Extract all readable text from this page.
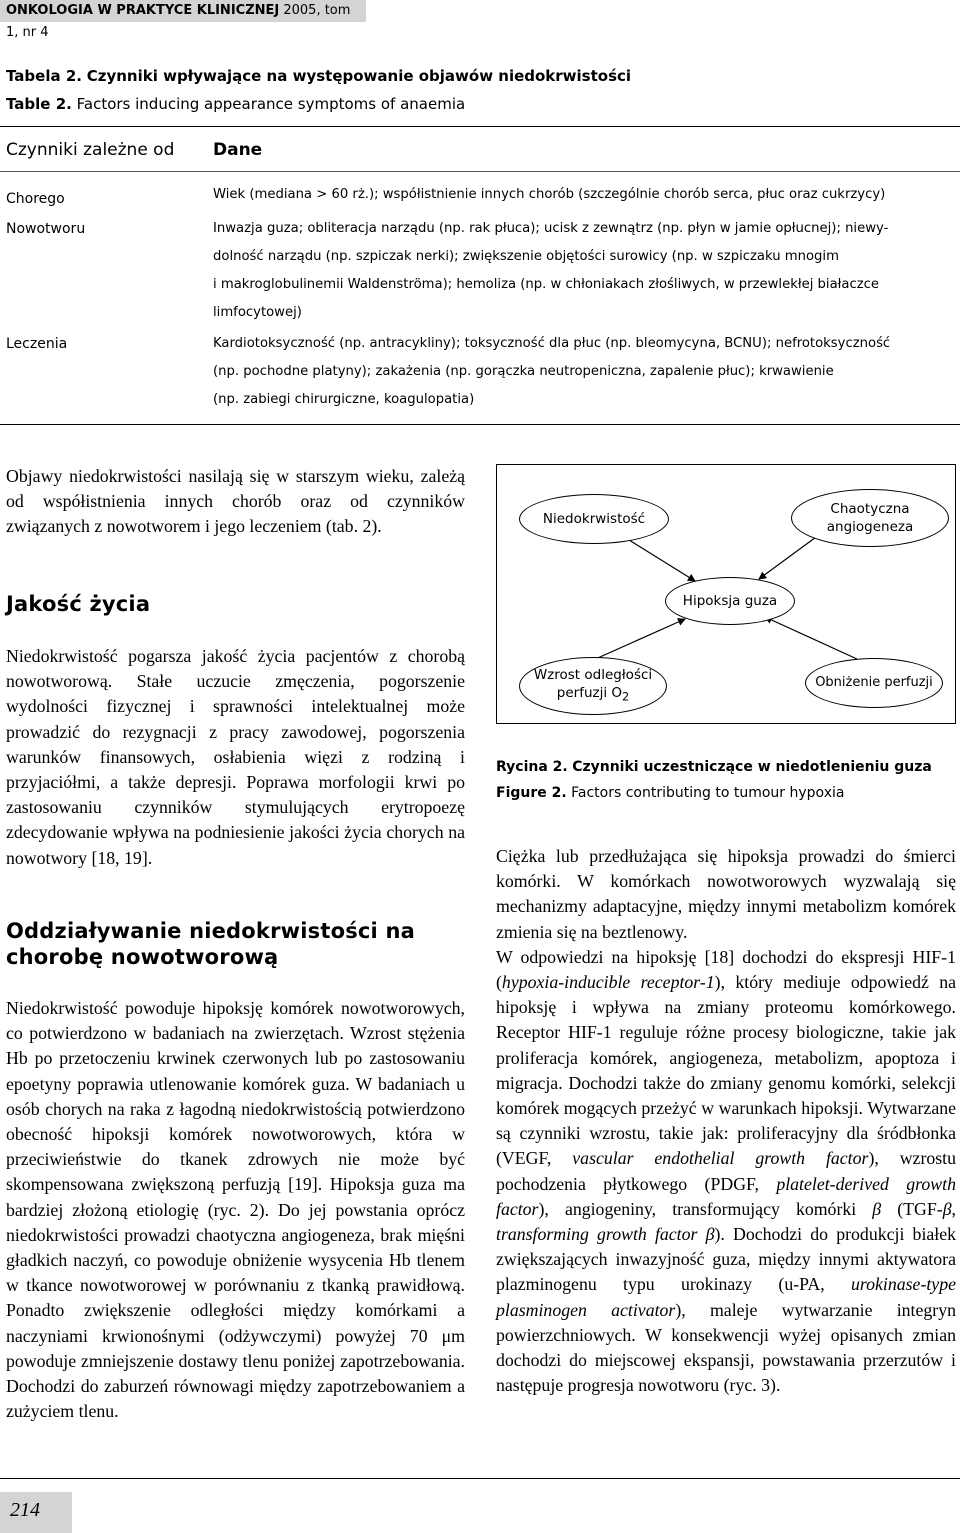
ONKOLOGIA W PRAKTYCE KLINICZNEJ 2005, tom 1, nr 4
Tabela 2. Czynniki wpływające na występowanie objawów niedokrwistości
Table 2. Factors inducing appearance symptoms of anaemia
Czynniki zależne od Dane
Chorego	Wiek (mediana > 60 rż.); współistnienie innych chorób (szczególnie chorób serca, płuc oraz cukrzycy)
Nowotworu	Inwazja guza; obliteracja narządu (np. rak płuca); ucisk z zewnątrz (np. płyn w jamie opłucnej); niewy-
dolność narządu (np. szpiczak nerki); zwiększenie objętości surowicy (np. w szpiczaku mnogim
i makroglobulinemii Waldenströma); hemoliza (np. w chłoniakach złośliwych, w przewlekłej białaczce
limfocytowej)
Leczenia	Kardiotoksyczność (np. antracykliny); toksyczność dla płuc (np. bleomycyna, BCNU); nefrotoksyczność
(np. pochodne platyny); zakażenia (np. gorączka neutropeniczna, zapalenie płuc); krwawienie
(np. zabiegi chirurgiczne, koagulopatia)
Objawy niedokrwistości nasilają się w starszym wieku, zależą od współistnienia innych chorób oraz od czynników związanych z nowotworem i jego leczeniem (tab. 2).
Jakość życia
Niedokrwistość pogarsza jakość życia pacjentów z chorobą nowotworową. Stałe uczucie zmęczenia, pogorszenie wydolności fizycznej i sprawności intelektualnej może prowadzić do rezygnacji z pracy zawodowej, pogorszenia warunków finansowych, osłabienia więzi z rodziną i przyjaciółmi, a także depresji. Poprawa morfologii krwi po zastosowaniu czynników stymulujących erytropoezę zdecydowanie wpływa na podniesienie jakości życia chorych na nowotwory [18, 19].
Oddziaływanie niedokrwistości na
chorobę nowotworową
Niedokrwistość powoduje hipoksję komórek nowotworowych, co potwierdzono w badaniach na zwierzętach. Wzrost stężenia Hb po przetoczeniu krwinek czerwonych lub po zastosowaniu epoetyny poprawia utlenowanie komórek guza. W badaniach u osób chorych na raka z łagodną niedokrwistością potwierdzono obecność hipoksji komórek nowotworowych, która w przeciwieństwie do tkanek zdrowych nie może być skompensowana zwiększoną perfuzją [19]. Hipoksja guza ma bardziej złożoną etiologię (ryc. 2). Do jej powstania oprócz niedokrwistości prowadzi chaotyczna angiogeneza, brak mięśni gładkich naczyń, co powoduje obniżenie wysycenia Hb tlenem w tkance nowotworowej w porównaniu z tkanką prawidłową. Ponadto zwiększenie odległości między komórkami a naczyniami krwionośnymi (odżywczymi) powyżej 70 μm powoduje zmniejszenie dostawy tlenu poniżej zapotrzebowania. Dochodzi do zaburzeń równowagi między zapotrzebowaniem a zużyciem tlenu.
Niedokrwistość
Chaotyczna
angiogeneza
Hipoksja guza
Wzrost odległości
perfuzji $O_2$
Obniżenie perfuzji
Rycina 2. Czynniki uczestniczące w niedotlenieniu guza
Figure 2. Factors contributing to tumour hypoxia

Ciężka lub przedłużająca się hipoksja prowadzi do śmierci komórki. W komórkach nowotworowych wyzwalają się mechanizmy adaptacyjne, między innymi metabolizm komórek zmienia się na beztlenowy.

W odpowiedzi na hipoksję [18] dochodzi do ekspresji HIF-1 (hypoxia-inducible receptor-1), który mediuje odpowiedź na hipoksję i wpływa na zmiany proteomu komórkowego. Receptor HIF-1 reguluje różne procesy biologiczne, takie jak proliferacja komórek, angiogeneza, metabolizm, apoptoza i migracja. Dochodzi także do zmiany genomu komórki, selekcji komórek mogących przeżyć w warunkach hipoksji. Wytwarzane są czynniki wzrostu, takie jak: proliferacyjny dla śródbłonka (VEGF, vascular endothelial growth factor), wzrostu pochodzenia płytkowego (PDGF, platelet-derived growth factor), angiogeniny, transformujący komórki β (TGF-β, transforming growth factor β). Dochodzi do produkcji białek zwiększających inwazyjność guza, między innymi aktywatora plazminogenu typu urokinazy (u-PA, urokinase-type plasminogen activator), maleje wytwarzanie integryn powierzchniowych. W konsekwencji wyżej opisanych zmian dochodzi do miejscowej ekspansji, powstawania przerzutów i następuje progresja nowotworu (ryc. 3).

214
